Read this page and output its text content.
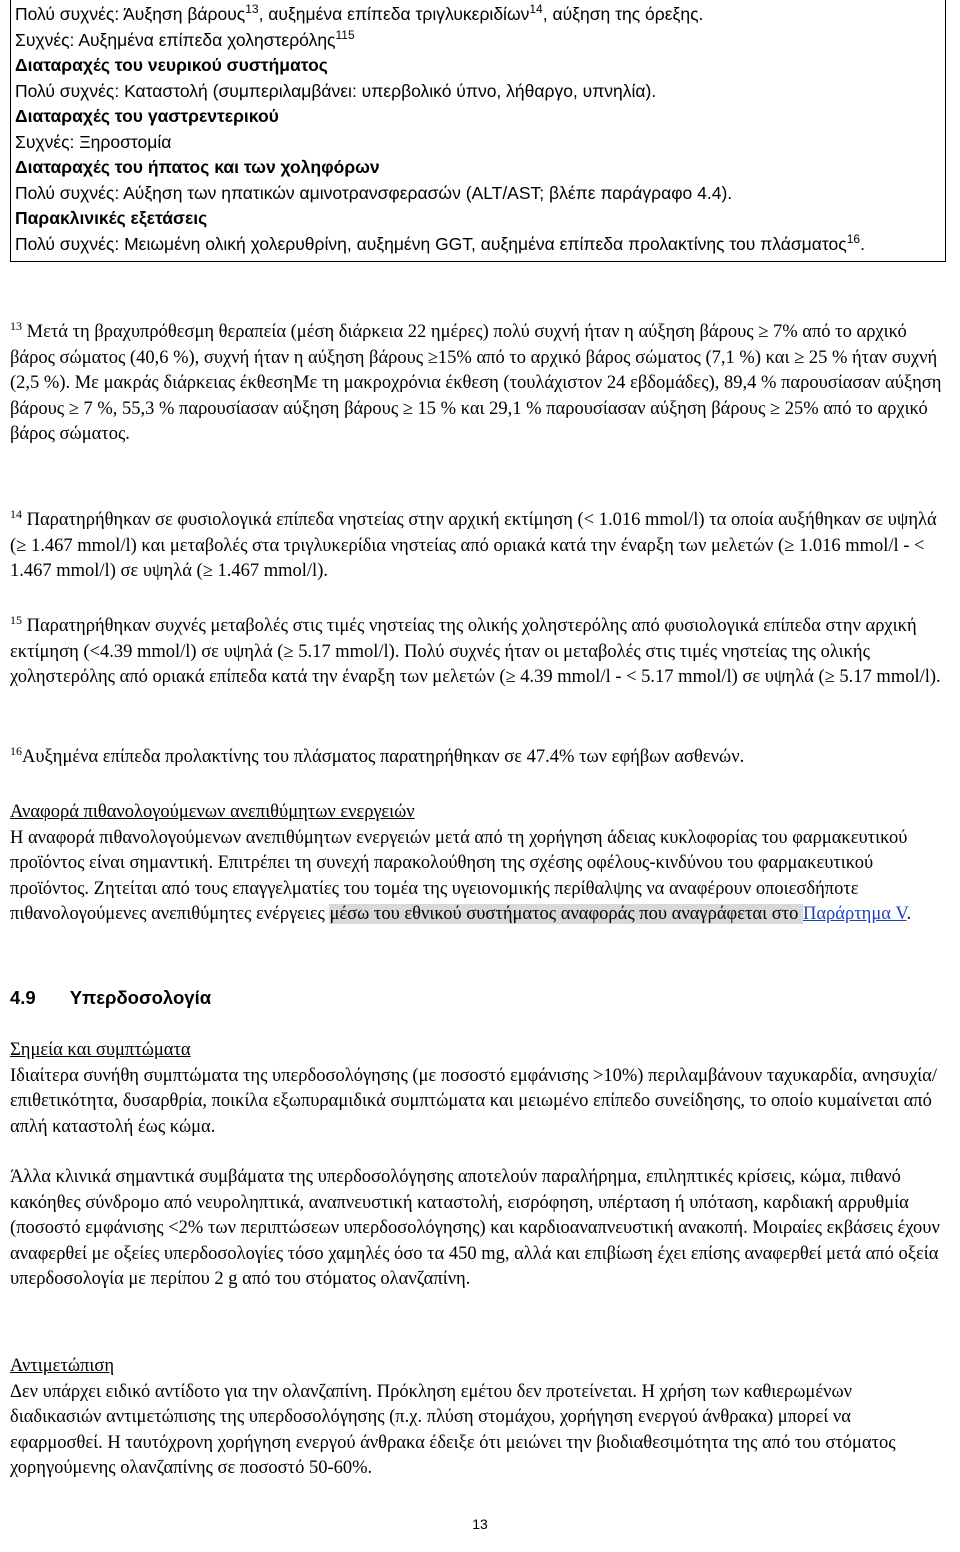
Πολύ συχνές: Άυξηση βάρους$^{13}$, αυξημένα επίπεδα τριγλυκεριδίων$^{14}$, αύξηση της όρεξης.
Συχνές: Αυξημένα επίπεδα χοληστερόλης$^{115}$
Διαταραχές του νευρικού συστήματος
Πολύ συχνές: Καταστολή (συμπεριλαμβάνει: υπερβολικό ύπνο, λήθαργο, υπνηλία).
Διαταραχές του γαστρεντερικού
Συχνές: Ξηροστομία
Διαταραχές του ήπατος και των χοληφόρων
Πολύ συχνές: Αύξηση των ηπατικών αμινοτρανσφερασών (ALT/AST; βλέπε παράγραφο 4.4).
Παρακλινικές εξετάσεις
Πολύ συχνές: Μειωμένη ολική χολερυθρίνη, αυξημένη GGT, αυξημένα επίπεδα προλακτίνης του πλάσματος$^{16}$.

$^{13}$ Μετά τη βραχυπρόθεσμη θεραπεία (μέση διάρκεια 22 ημέρες) πολύ συχνή ήταν η αύξηση βάρους ≥ 7% από το αρχικό βάρος σώματος (40,6 %), συχνή ήταν η αύξηση βάρους ≥15% από το αρχικό βάρος σώματος (7,1 %) και ≥ 25 % ήταν συχνή (2,5 %). Με μακράς διάρκειας έκθεσηΜε τη μακροχρόνια έκθεση (τουλάχιστον 24 εβδομάδες), 89,4 % παρουσίασαν αύξηση βάρους ≥ 7 %, 55,3 % παρουσίασαν αύξηση βάρους ≥ 15 % και 29,1 % παρουσίασαν αύξηση βάρους ≥ 25% από το αρχικό βάρος σώματος.

$^{14}$ Παρατηρήθηκαν σε φυσιολογικά επίπεδα νηστείας στην αρχική εκτίμηση (< 1.016 mmol/l) τα οποία αυξήθηκαν σε υψηλά (≥ 1.467 mmol/l) και μεταβολές στα τριγλυκερίδια νηστείας από οριακά κατά την έναρξη των μελετών (≥ 1.016 mmol/l - < 1.467 mmol/l) σε υψηλά (≥ 1.467 mmol/l).

$^{15}$ Παρατηρήθηκαν συχνές μεταβολές στις τιμές νηστείας της ολικής χοληστερόλης από φυσιολογικά επίπεδα στην αρχική εκτίμηση (<4.39 mmol/l) σε υψηλά (≥ 5.17 mmol/l). Πολύ συχνές ήταν οι μεταβολές στις τιμές νηστείας της ολικής χοληστερόλης από οριακά επίπεδα κατά την έναρξη των μελετών (≥ 4.39 mmol/l - < 5.17 mmol/l) σε υψηλά (≥ 5.17 mmol/l).

$^{16}$Αυξημένα επίπεδα προλακτίνης του πλάσματος παρατηρήθηκαν σε 47.4% των εφήβων ασθενών.

Αναφορά πιθανολογούμενων ανεπιθύμητων ενεργειών

Η αναφορά πιθανολογούμενων ανεπιθύμητων ενεργειών μετά από τη χορήγηση άδειας κυκλοφορίας του φαρμακευτικού προϊόντος είναι σημαντική. Επιτρέπει τη συνεχή παρακολούθηση της σχέσης οφέλους-κινδύνου του φαρμακευτικού προϊόντος. Ζητείται από τους επαγγελματίες του τομέα της υγειονομικής περίθαλψης να αναφέρουν οποιεσδήποτε πιθανολογούμενες ανεπιθύμητες ενέργειες μέσω του εθνικού συστήματος αναφοράς που αναγράφεται στο Παράρτημα V.

4.9 Υπερδοσολογία

Σημεία και συμπτώματα

Ιδιαίτερα συνήθη συμπτώματα της υπερδοσολόγησης (με ποσοστό εμφάνισης >10%) περιλαμβάνουν ταχυκαρδία, ανησυχία/ επιθετικότητα, δυσαρθρία, ποικίλα εξωπυραμιδικά συμπτώματα και μειωμένο επίπεδο συνείδησης, το οποίο κυμαίνεται από απλή καταστολή έως κώμα.

Άλλα κλινικά σημαντικά συμβάματα της υπερδοσολόγησης αποτελούν παραλήρημα, επιληπτικές κρίσεις, κώμα, πιθανό κακόηθες σύνδρομο από νευροληπτικά, αναπνευστική καταστολή, εισρόφηση, υπέρταση ή υπόταση, καρδιακή αρρυθμία (ποσοστό εμφάνισης <2% των περιπτώσεων υπερδοσολόγησης) και καρδιοαναπνευστική ανακοπή. Μοιραίες εκβάσεις έχουν αναφερθεί με οξείες υπερδοσολογίες τόσο χαμηλές όσο τα 450 mg, αλλά και επιβίωση έχει επίσης αναφερθεί μετά από οξεία υπερδοσολογία με περίπου 2 g από του στόματος ολανζαπίνη.

Αντιμετώπιση

Δεν υπάρχει ειδικό αντίδοτο για την ολανζαπίνη. Πρόκληση εμέτου δεν προτείνεται. Η χρήση των καθιερωμένων διαδικασιών αντιμετώπισης της υπερδοσολόγησης (π.χ. πλύση στομάχου, χορήγηση ενεργού άνθρακα) μπορεί να εφαρμοσθεί. Η ταυτόχρονη χορήγηση ενεργού άνθρακα έδειξε ότι μειώνει την βιοδιαθεσιμότητα της από του στόματος χορηγούμενης ολανζαπίνης σε ποσοστό 50-60%.

13
